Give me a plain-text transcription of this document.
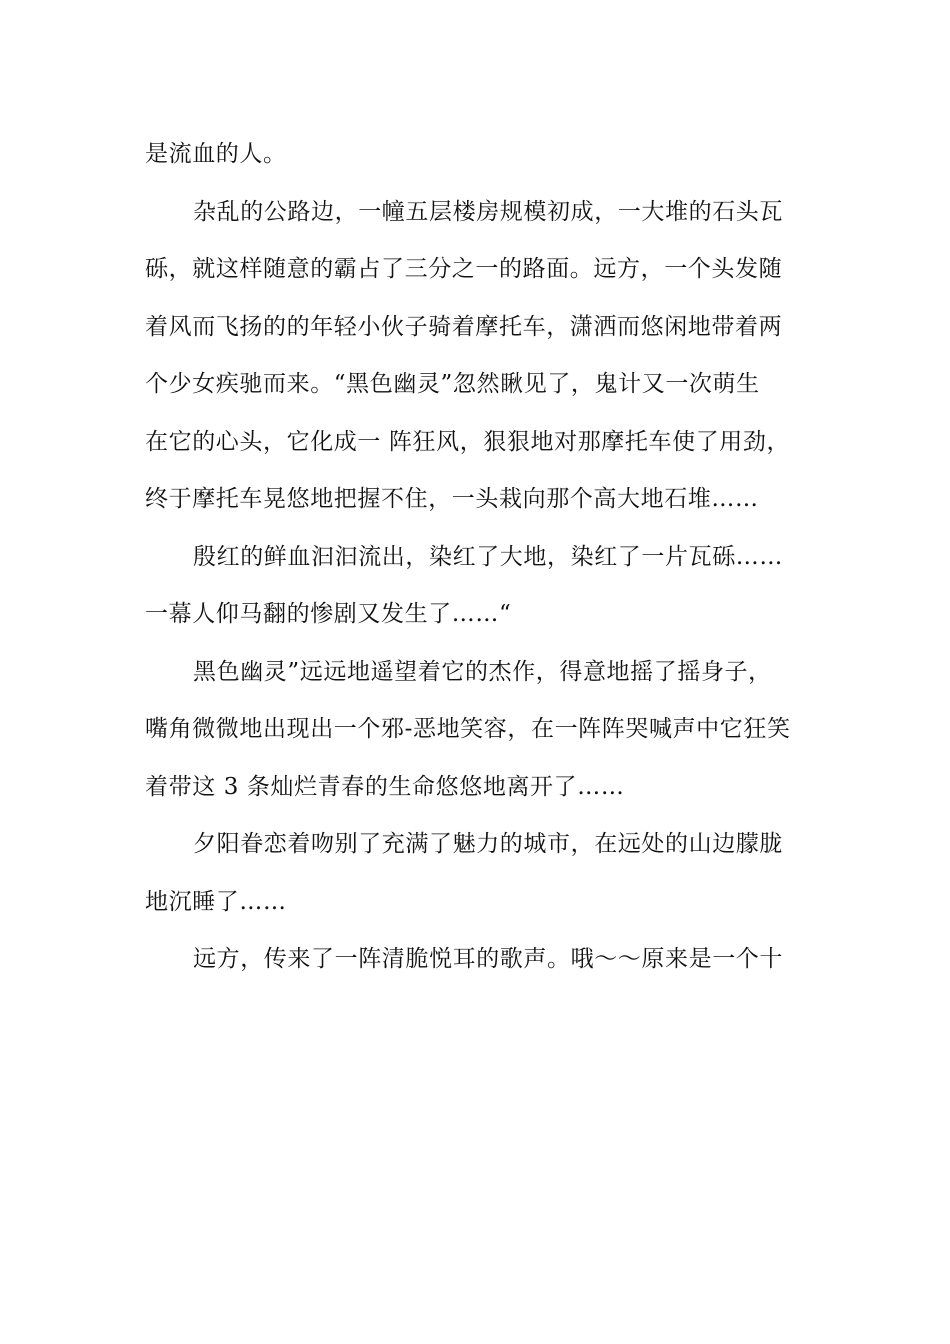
是流血的人。
杂乱的公路边，一幢五层楼房规模初成，一大堆的石头瓦
砾，就这样随意的霸占了三分之一的路面。远方，一个头发随
着风而飞扬的的年轻小伙子骑着摩托车，潇洒而悠闲地带着两
个少女疾驰而来。“黑色幽灵”忽然瞅见了，鬼计又一次萌生
在它的心头，它化成一 阵狂风，狠狠地对那摩托车使了用劲，
终于摩托车晃悠地把握不住，一头栽向那个高大地石堆……
殷红的鲜血汩汩流出，染红了大地，染红了一片瓦砾……
一幕人仰马翻的惨剧又发生了……“
黑色幽灵”远远地遥望着它的杰作，得意地摇了摇身子，
嘴角微微地出现出一个邪-恶地笑容，在一阵阵哭喊声中它狂笑
着带这 3 条灿烂青春的生命悠悠地离开了……
夕阳眷恋着吻别了充满了魅力的城市，在远处的山边朦胧
地沉睡了……
远方，传来了一阵清脆悦耳的歌声。哦～～原来是一个十
